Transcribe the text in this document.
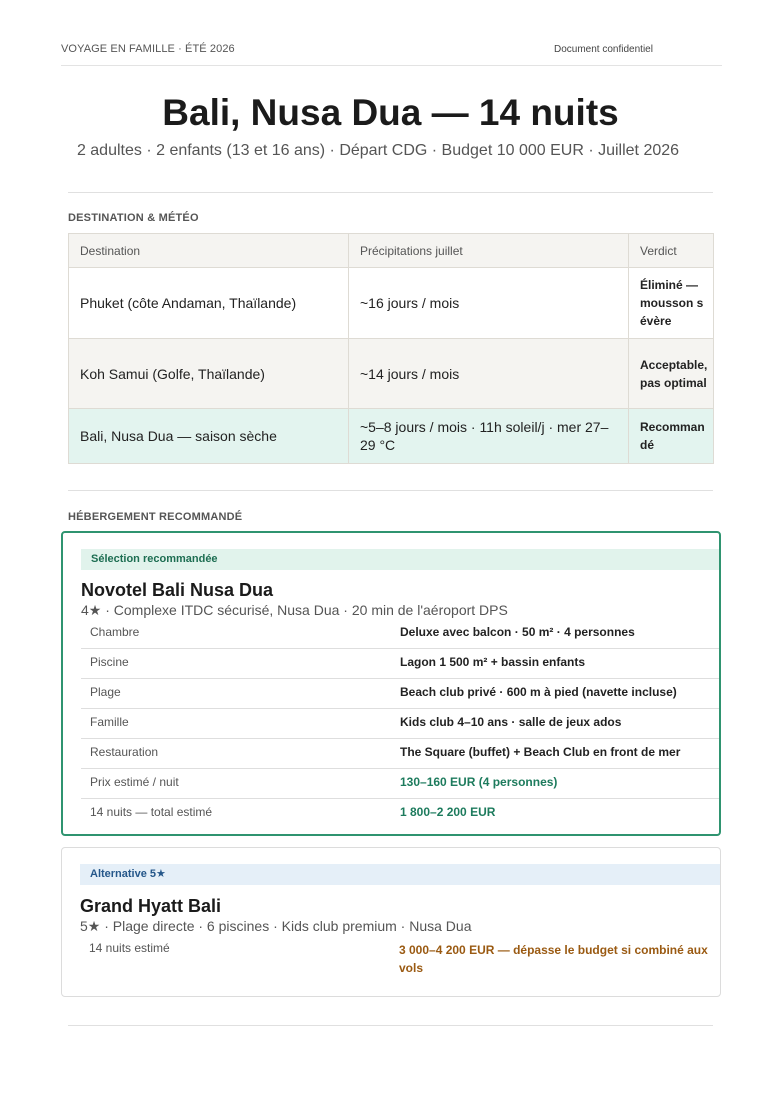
VOYAGE EN FAMILLE · ÉTÉ 2026	Document confidentiel
Bali, Nusa Dua — 14 nuits
2 adultes · 2 enfants (13 et 16 ans) · Départ CDG · Budget 10 000 EUR · Juillet 2026
DESTINATION & MÉTÉO
Destination	Précipitations juillet	Verdict
Phuket (côte Andaman, Thaïlande)	~16 jours / mois	Éliminé — mousson sévère
Koh Samui (Golfe, Thaïlande)	~14 jours / mois	Acceptable, pas optimal
Bali, Nusa Dua — saison sèche	~5–8 jours / mois · 11h soleil/j · mer 27–29 °C	Recommandé
HÉBERGEMENT RECOMMANDÉ
Sélection recommandée
Novotel Bali Nusa Dua
4★ · Complexe ITDC sécurisé, Nusa Dua · 20 min de l'aéroport DPS
Chambre	Deluxe avec balcon · 50 m² · 4 personnes
Piscine	Lagon 1 500 m² + bassin enfants
Plage	Beach club privé · 600 m à pied (navette incluse)
Famille	Kids club 4–10 ans · salle de jeux ados
Restauration	The Square (buffet) + Beach Club en front de mer
Prix estimé / nuit	130–160 EUR (4 personnes)
14 nuits — total estimé	1 800–2 200 EUR
Alternative 5★
Grand Hyatt Bali
5★ · Plage directe · 6 piscines · Kids club premium · Nusa Dua
14 nuits estimé	3 000–4 200 EUR — dépasse le budget si combiné aux vols
